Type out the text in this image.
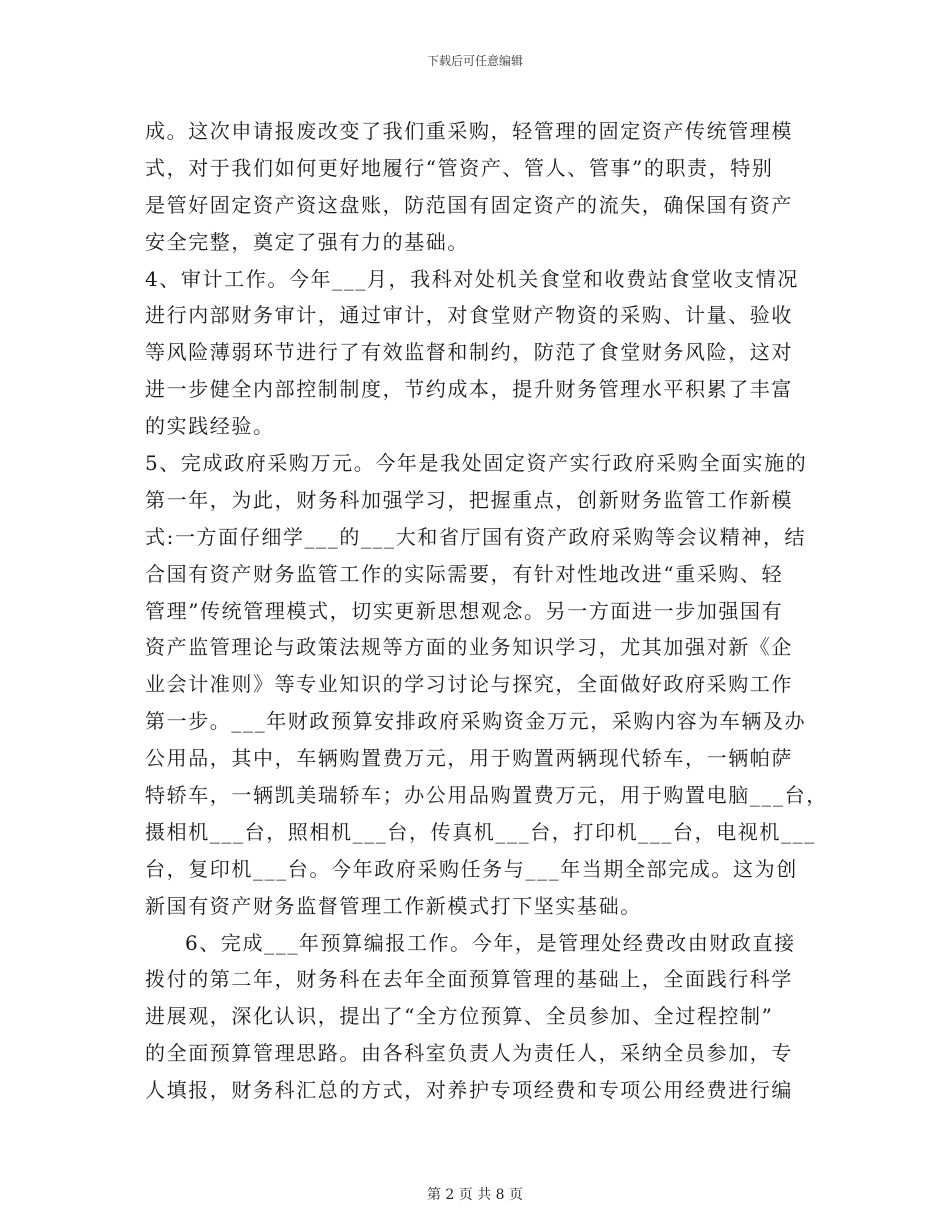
下载后可任意编辑
成。这次申请报废改变了我们重采购，轻管理的固定资产传统管理模
式，对于我们如何更好地履行“管资产、管人、管事”的职责，特别
是管好固定资产资这盘账，防范国有固定资产的流失，确保国有资产
安全完整，奠定了强有力的基础。
4、审计工作。今年___月，我科对处机关食堂和收费站食堂收支情况
进行内部财务审计，通过审计，对食堂财产物资的采购、计量、验收
等风险薄弱环节进行了有效监督和制约，防范了食堂财务风险，这对
进一步健全内部控制制度，节约成本，提升财务管理水平积累了丰富
的实践经验。
5、完成政府采购万元。今年是我处固定资产实行政府采购全面实施的
第一年，为此，财务科加强学习，把握重点，创新财务监管工作新模
式:一方面仔细学___的___大和省厅国有资产政府采购等会议精神，结
合国有资产财务监管工作的实际需要，有针对性地改进“重采购、轻
管理”传统管理模式，切实更新思想观念。另一方面进一步加强国有
资产监管理论与政策法规等方面的业务知识学习，尤其加强对新《企
业会计准则》等专业知识的学习讨论与探究，全面做好政府采购工作
第一步。___年财政预算安排政府采购资金万元，采购内容为车辆及办
公用品，其中，车辆购置费万元，用于购置两辆现代轿车，一辆帕萨
特轿车，一辆凯美瑞轿车；办公用品购置费万元，用于购置电脑___台，
摄相机___台，照相机___台，传真机___台，打印机___台，电视机___
台，复印机___台。今年政府采购任务与___年当期全部完成。这为创
新国有资产财务监督管理工作新模式打下坚实基础。
6、完成___年预算编报工作。今年，是管理处经费改由财政直接
拨付的第二年，财务科在去年全面预算管理的基础上，全面践行科学
进展观，深化认识，提出了“全方位预算、全员参加、全过程控制”
的全面预算管理思路。由各科室负责人为责任人，采纳全员参加，专
人填报，财务科汇总的方式，对养护专项经费和专项公用经费进行编
第 2 页 共 8 页
